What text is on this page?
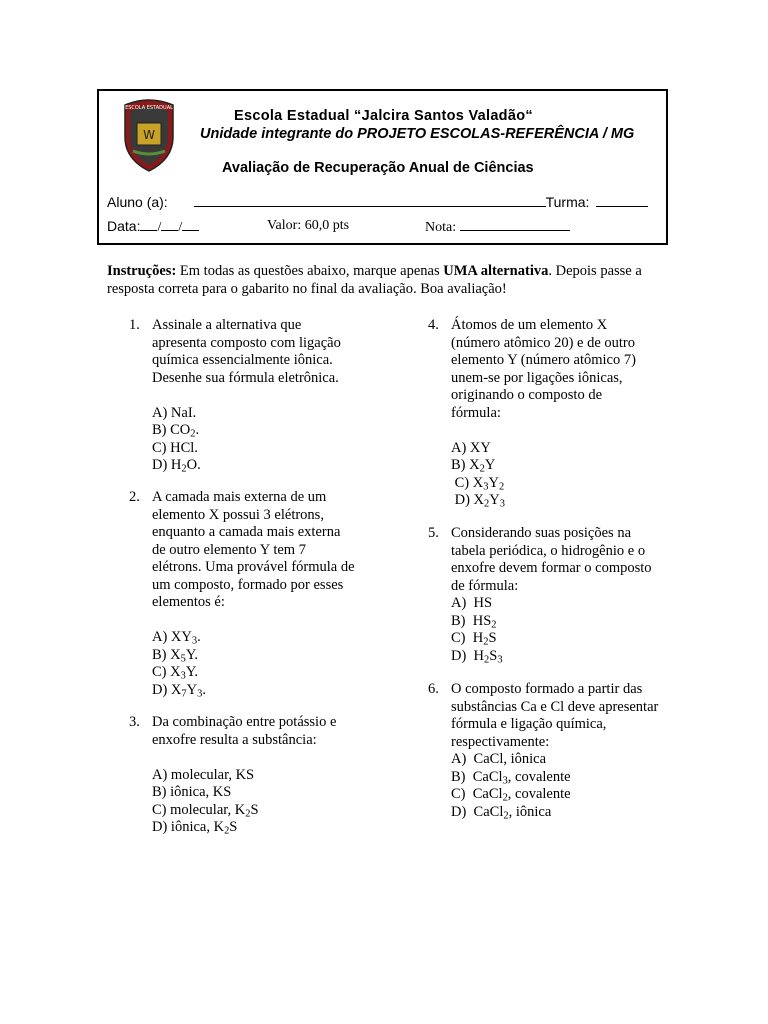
W
ESCOLA ESTADUAL	Escola Estadual “Jalcira Santos Valadão“
Unidade integrante do PROJETO ESCOLAS-REFERÊNCIA / MG
Avaliação de Recuperação Anual de Ciências
Aluno (a):	Turma:
Data: / /	Valor: 60,0 pts	Nota:
Instruções: Em todas as questões abaixo, marque apenas UMA alternativa. Depois passe a resposta correta para o gabarito no final da avaliação. Boa avaliação!
1. Assinale a alternativa que apresenta composto com ligação química essencialmente iônica. Desenhe sua fórmula eletrônica.

A) NaI.

B) $CO_2$.

C) HCl.

D) $H_2O$.

2. A camada mais externa de um elemento X possui 3 elétrons, enquanto a camada mais externa de outro elemento Y tem 7 elétrons. Uma provável fórmula de um composto, formado por esses elementos é:

A) $XY_3$.

B) $X_5Y$.

C) $X_3Y$.

D) $X_7Y_3$.

3. Da combinação entre potássio e enxofre resulta a substância:

A) molecular, KS

B) iônica, KS

C) molecular, $K_2S$

D) iônica, $K_2S$

4. Átomos de um elemento X (número atômico 20) e de outro elemento Y (número atômico 7) unem-se por ligações iônicas, originando o composto de fórmula:

A) XY

B) $X_2Y$

C) $X_3Y_2$

D) $X_2Y_3$

5. Considerando suas posições na tabela periódica, o hidrogênio e o enxofre devem formar o composto de fórmula:

A)  HS

B)  $HS_2$

C)  $H_2S$

D)  $H_2S_3$

6. O composto formado a partir das substâncias Ca e Cl deve apresentar fórmula e ligação química, respectivamente:

A)  CaCl, iônica

B)  CaCl$_3$, covalente

C)  CaCl$_2$, covalente

D)  CaCl$_2$, iônica
